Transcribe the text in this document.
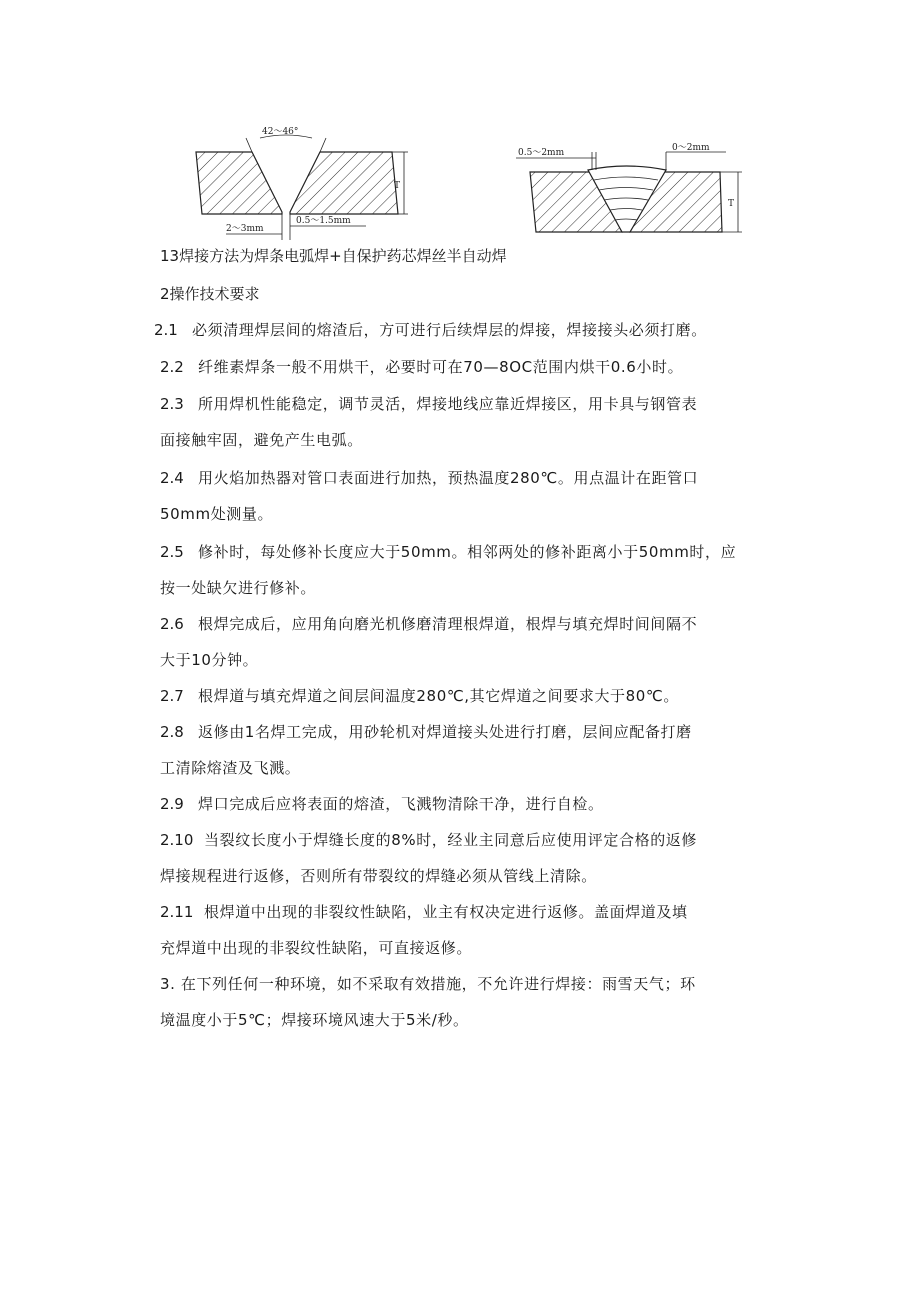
42～46°
T
2～3mm
0.5～1.5mm
0.5～2mm	0～2mm
T

13焊接方法为焊条电弧焊+自保护药芯焊丝半自动焊

2操作技术要求

2.1 必须清理焊层间的熔渣后，方可进行后续焊层的焊接，焊接接头必须打磨。

2.2 纤维素焊条一般不用烘干，必要时可在70—8OC范围内烘干0.6小时。

2.3 所用焊机性能稳定，调节灵活，焊接地线应靠近焊接区，用卡具与钢管表
面接触牢固，避免产生电弧。

2.4 用火焰加热器对管口表面进行加热，预热温度280℃。用点温计在距管口
50mm处测量。

2.5 修补时，每处修补长度应大于50mm。相邻两处的修补距离小于50mm时，应
按一处缺欠进行修补。

2.6 根焊完成后，应用角向磨光机修磨清理根焊道，根焊与填充焊时间间隔不
大于10分钟。

2.7 根焊道与填充焊道之间层间温度280℃,其它焊道之间要求大于80℃。

2.8 返修由1名焊工完成，用砂轮机对焊道接头处进行打磨，层间应配备打磨
工清除熔渣及飞溅。

2.9 焊口完成后应将表面的熔渣，飞溅物清除干净，进行自检。

2.10 当裂纹长度小于焊缝长度的8%时，经业主同意后应使用评定合格的返修
焊接规程进行返修，否则所有带裂纹的焊缝必须从管线上清除。

2.11 根焊道中出现的非裂纹性缺陷，业主有权决定进行返修。盖面焊道及填
充焊道中出现的非裂纹性缺陷，可直接返修。

3. 在下列任何一种环境，如不采取有效措施，不允许进行焊接：雨雪天气；环
境温度小于5℃；焊接环境风速大于5米/秒。
